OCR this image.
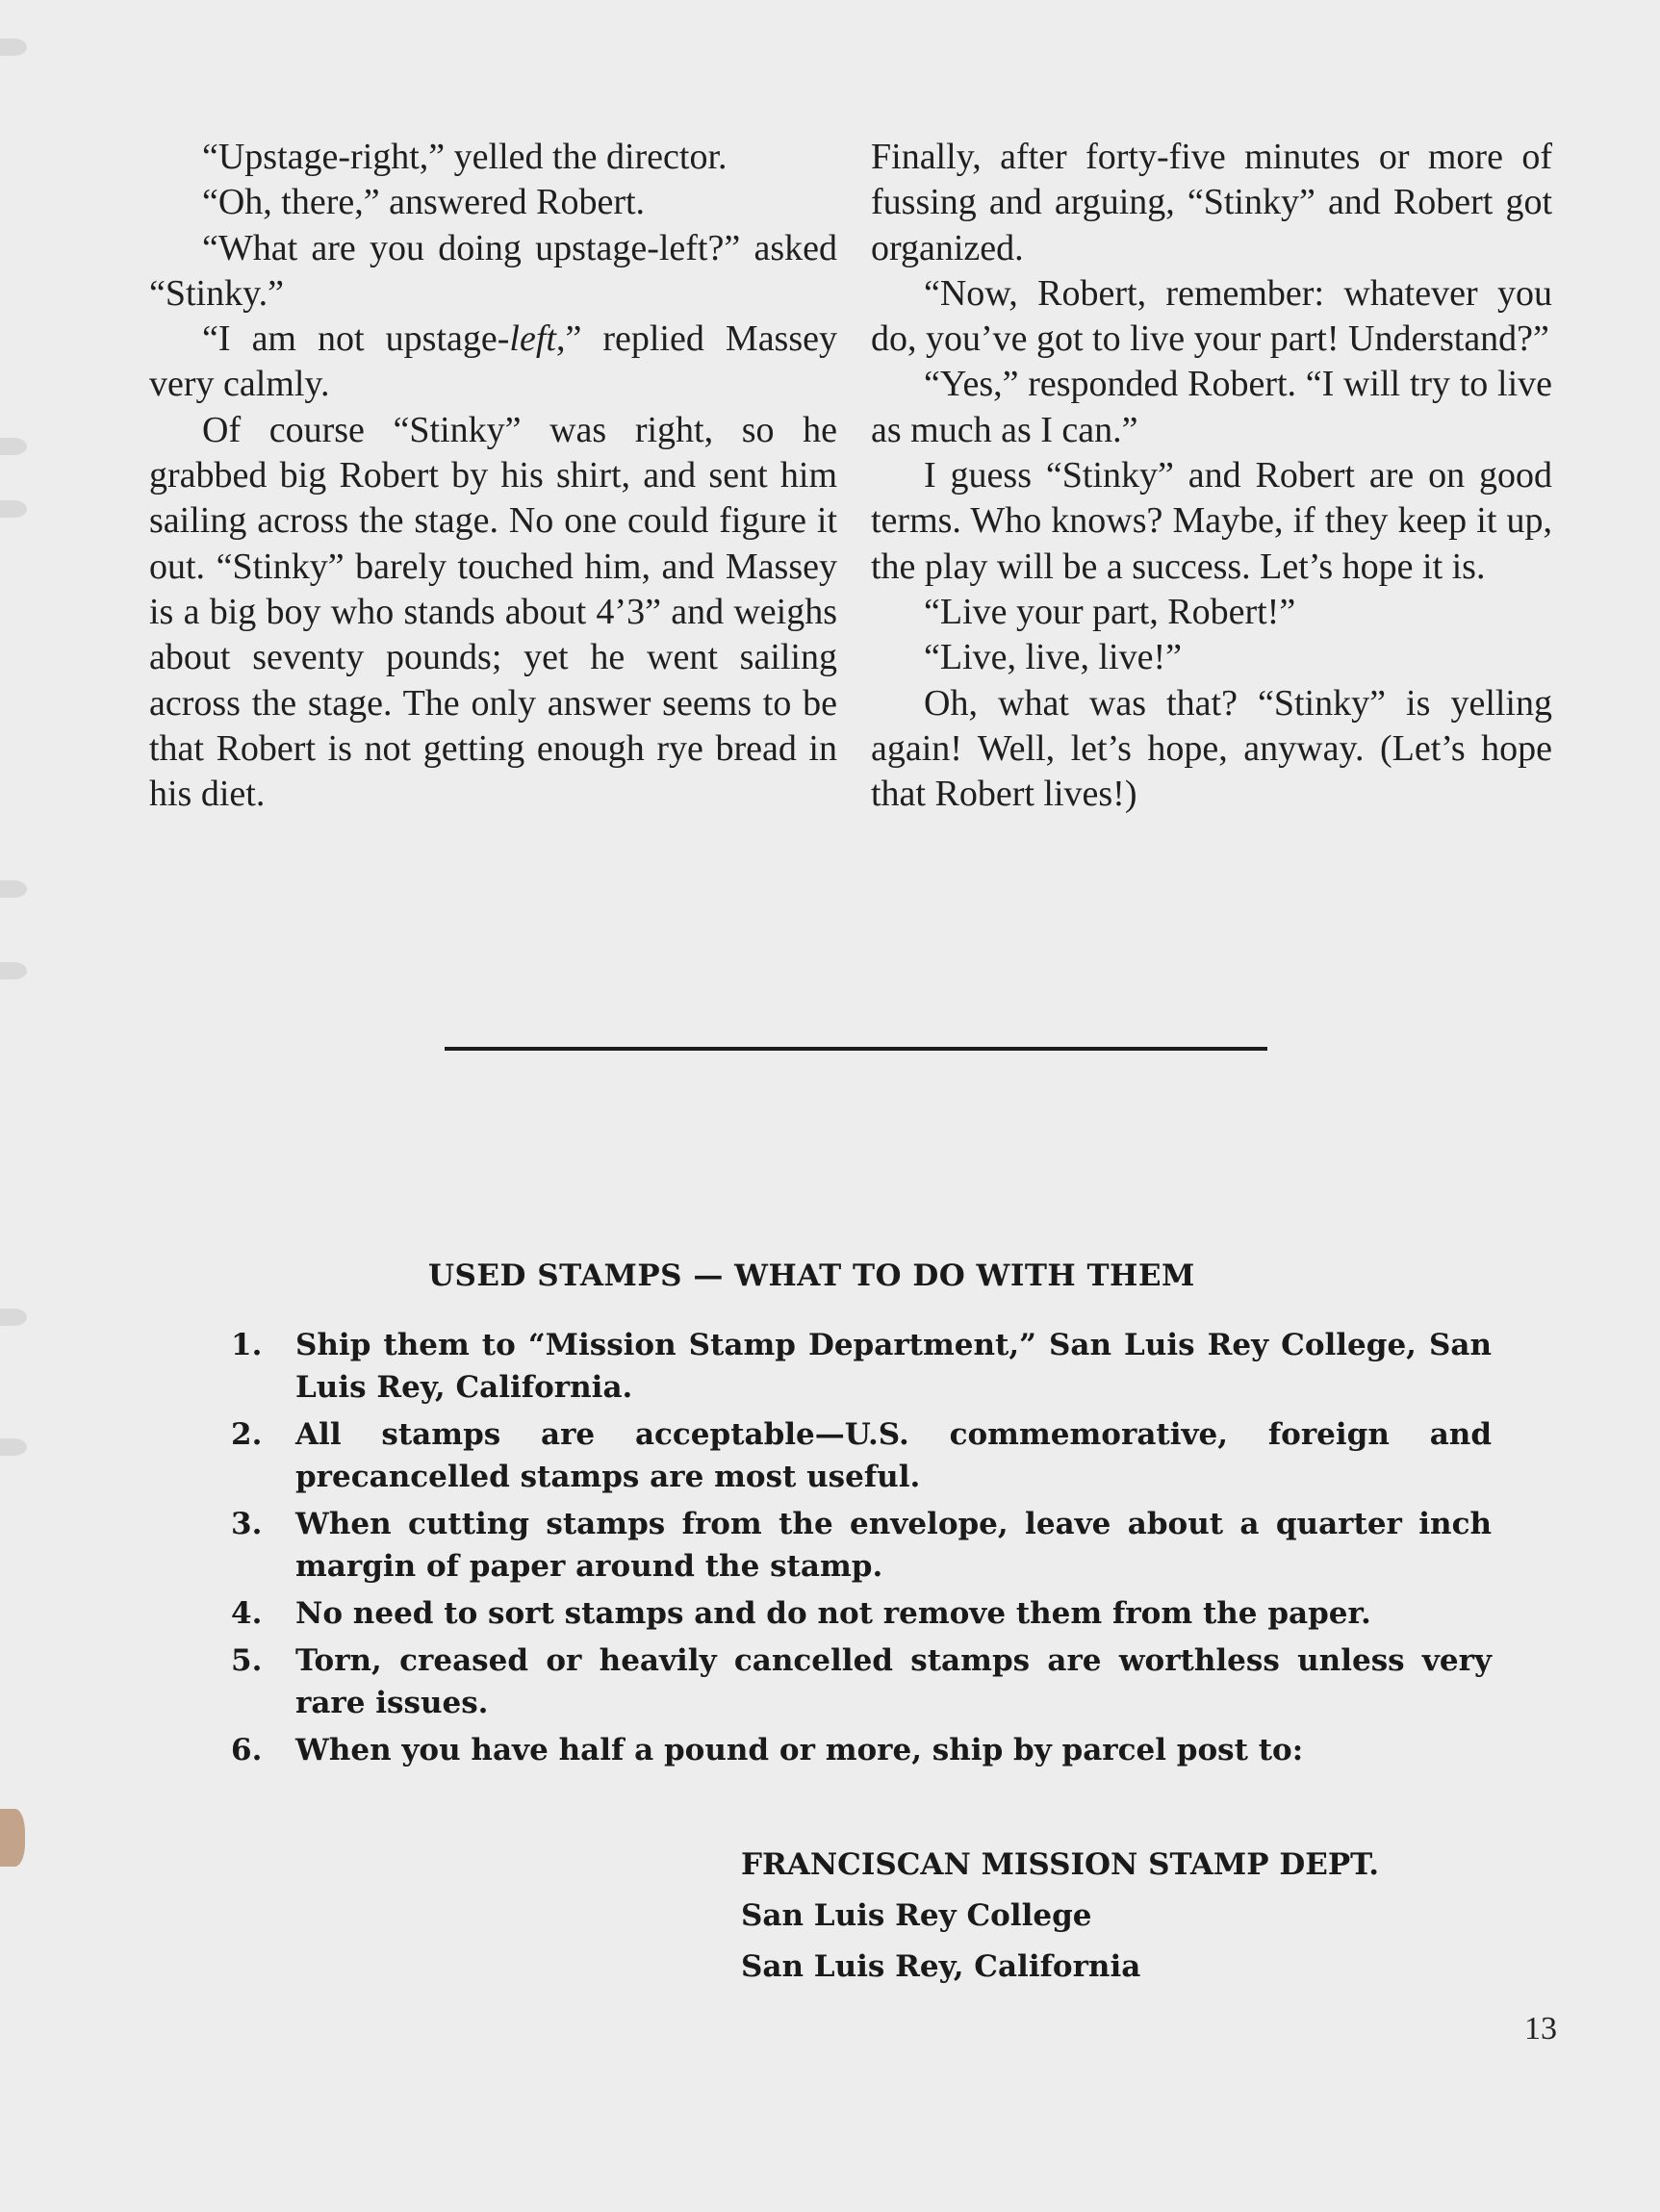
“Upstage-right,” yelled the director.

“Oh, there,” answered Robert.

“What are you doing upstage-left?” asked “Stinky.”

“I am not upstage-left,” replied Massey very calmly.

Of course “Stinky” was right, so he grabbed big Robert by his shirt, and sent him sailing across the stage. No one could figure it out. “Stinky” barely touched him, and Massey is a big boy who stands about 4’3” and weighs about seventy pounds; yet he went sailing across the stage. The only answer seems to be that Robert is not getting enough rye bread in his diet.

Finally, after forty-five minutes or more of fussing and arguing, “Stinky” and Robert got organized.

“Now, Robert, remember: whatever you do, you’ve got to live your part! Understand?”

“Yes,” responded Robert. “I will try to live as much as I can.”

I guess “Stinky” and Robert are on good terms. Who knows? Maybe, if they keep it up, the play will be a success. Let’s hope it is.

“Live your part, Robert!”

“Live, live, live!”

Oh, what was that? “Stinky” is yelling again! Well, let’s hope, anyway. (Let’s hope that Robert lives!)

USED STAMPS — WHAT TO DO WITH THEM
1.	Ship them to “Mission Stamp Department,” San Luis Rey College, San Luis Rey, California.
2.	All stamps are acceptable—U.S. commemorative, foreign and precancelled stamps are most useful.
3.	When cutting stamps from the envelope, leave about a quarter inch margin of paper around the stamp.
4.	No need to sort stamps and do not remove them from the paper.
5.	Torn, creased or heavily cancelled stamps are worthless unless very rare issues.
6.	When you have half a pound or more, ship by parcel post to:
FRANCISCAN MISSION STAMP DEPT.
San Luis Rey College
San Luis Rey, California
13
